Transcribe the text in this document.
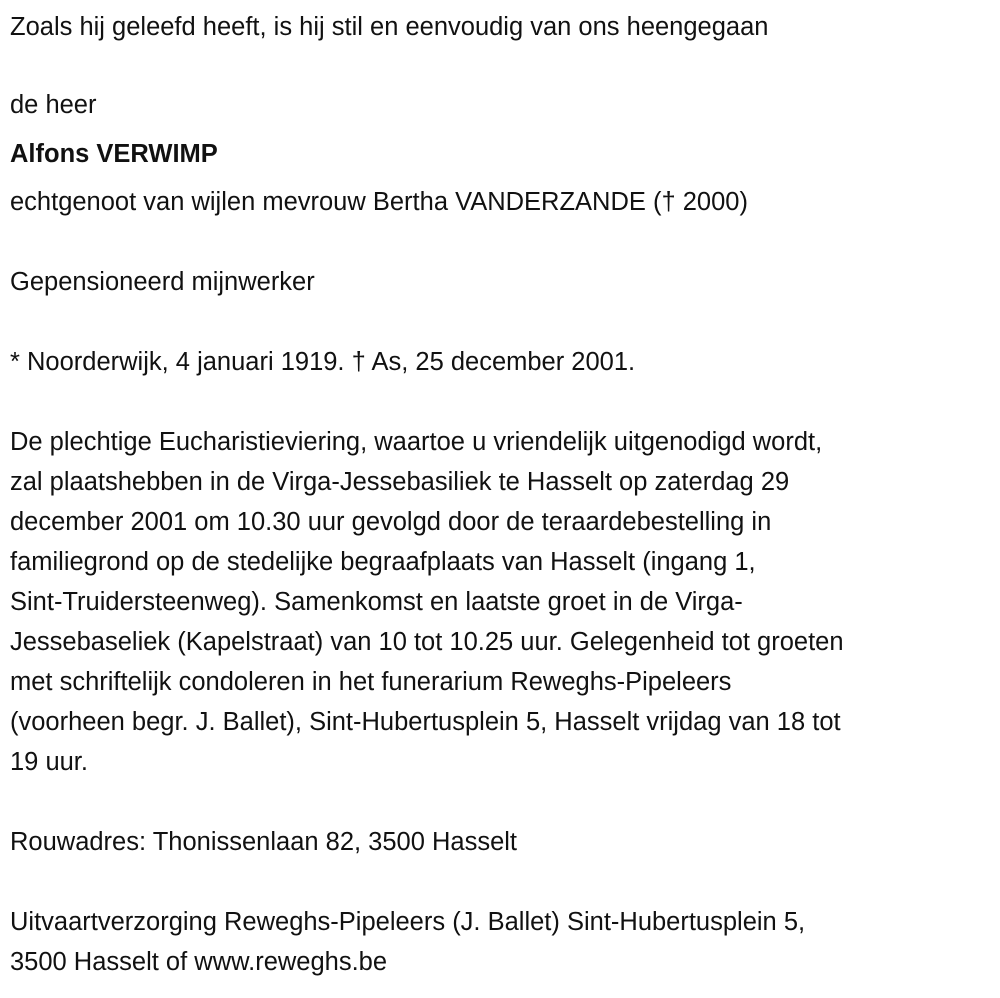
Zoals hij geleefd heeft, is hij stil en eenvoudig van ons heengegaan
de heer
Alfons VERWIMP
echtgenoot van wijlen mevrouw Bertha VANDERZANDE († 2000)
Gepensioneerd mijnwerker
* Noorderwijk, 4 januari 1919. † As, 25 december 2001.
De plechtige Eucharistieviering, waartoe u vriendelijk uitgenodigd wordt,
zal plaatshebben in de Virga-Jessebasiliek te Hasselt op zaterdag 29
december 2001 om 10.30 uur gevolgd door de teraardebestelling in
familiegrond op de stedelijke begraafplaats van Hasselt (ingang 1,
Sint-Truidersteenweg). Samenkomst en laatste groet in de Virga-
Jessebaseliek (Kapelstraat) van 10 tot 10.25 uur. Gelegenheid tot groeten
met schriftelijk condoleren in het funerarium Reweghs-Pipeleers
(voorheen begr. J. Ballet), Sint-Hubertusplein 5, Hasselt vrijdag van 18 tot
19 uur.
Rouwadres: Thonissenlaan 82, 3500 Hasselt
Uitvaartverzorging Reweghs-Pipeleers (J. Ballet) Sint-Hubertusplein 5,
3500 Hasselt of www.reweghs.be
